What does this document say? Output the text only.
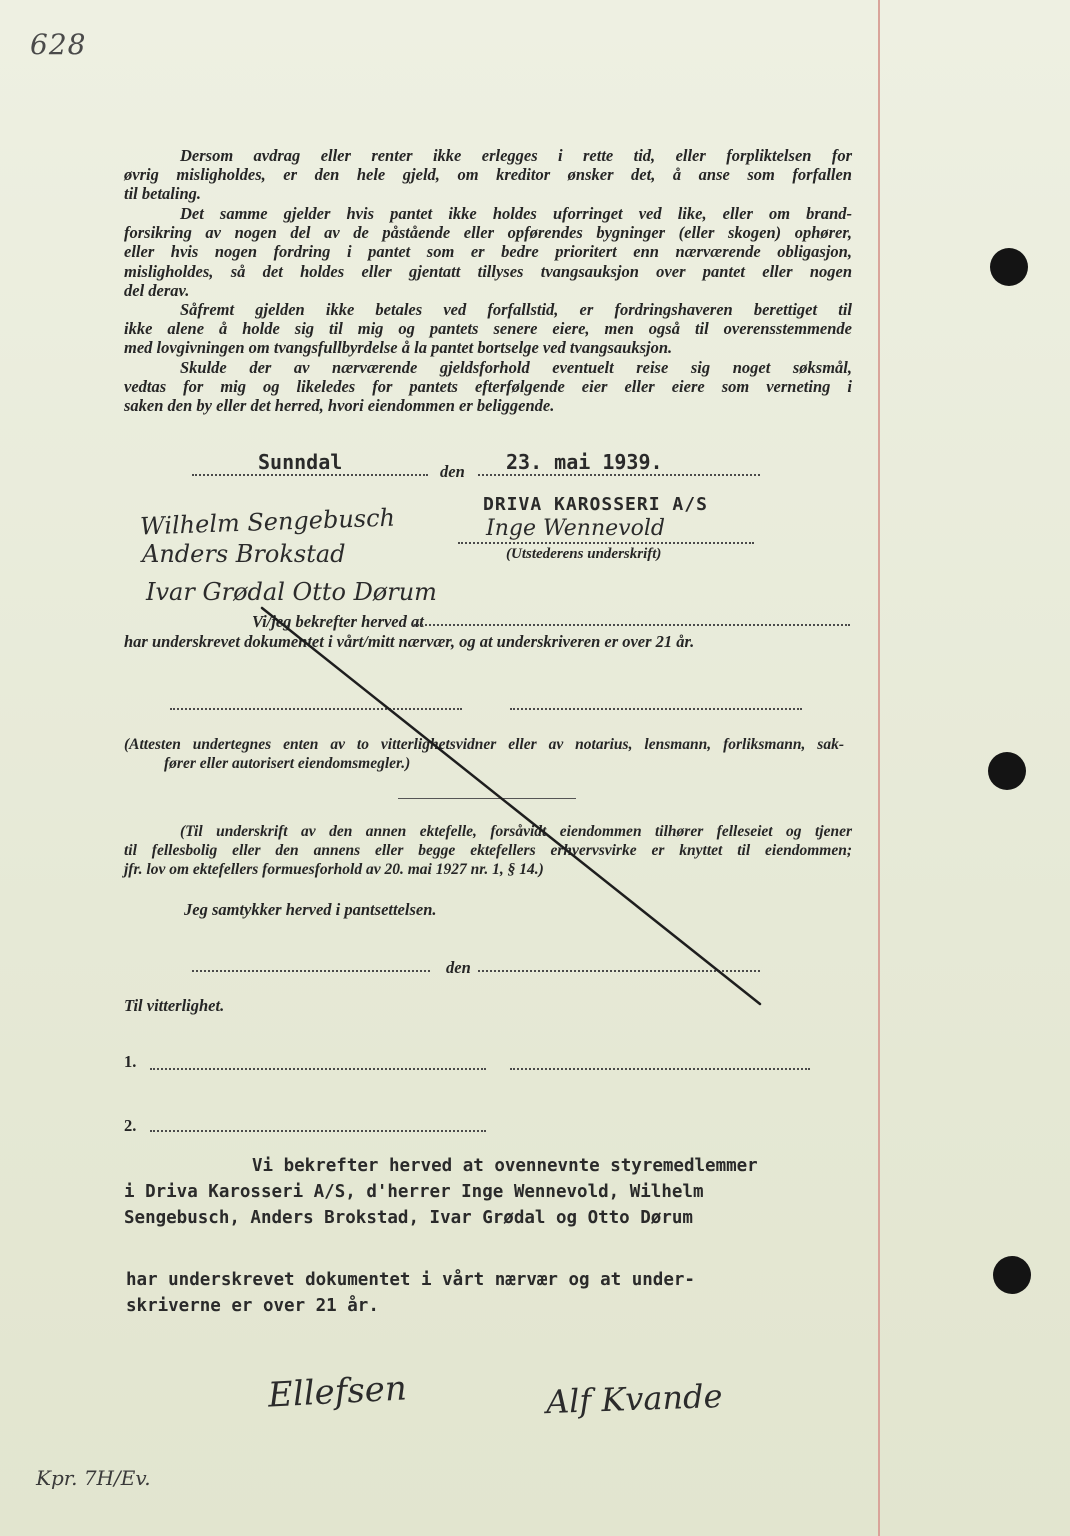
628
Dersom avdrag eller renter ikke erlegges i rette tid, eller forpliktelsen for
øvrig misligholdes, er den hele gjeld, om kreditor ønsker det, å anse som forfallen
til betaling.
Det samme gjelder hvis pantet ikke holdes uforringet ved like, eller om brand-
forsikring av nogen del av de påstående eller opførendes bygninger (eller skogen) ophører,
eller hvis nogen fordring i pantet som er bedre prioritert enn nærværende obligasjon,
misligholdes, så det holdes eller gjentatt tillyses tvangsauksjon over pantet eller nogen
del derav.
Såfremt gjelden ikke betales ved forfallstid, er fordringshaveren berettiget til
ikke alene å holde sig til mig og pantets senere eiere, men også til overensstemmende
med lovgivningen om tvangsfullbyrdelse å la pantet bortselge ved tvangsauksjon.
Skulde der av nærværende gjeldsforhold eventuelt reise sig noget søksmål,
vedtas for mig og likeledes for pantets efterfølgende eier eller eiere som verneting i
saken den by eller det herred, hvori eiendommen er beliggende.
Sunndal	den 23. mai 1939.
DRIVA KAROSSERI A/S
Inge Wennevold
(Utstederens underskrift)
Wilhelm Sengebusch
Anders Brokstad
Ivar Grødal Otto Dørum
Vi/jeg bekrefter herved at
har underskrevet dokumentet i vårt/mitt nærvær, og at underskriveren er over 21 år.
(Attesten undertegnes enten av to vitterlighetsvidner eller av notarius, lensmann, forliksmann, sak-
fører eller autorisert eiendomsmegler.)
(Til underskrift av den annen ektefelle, forsåvidt eiendommen tilhører felleseiet og tjener
til fellesbolig eller den annens eller begge ektefellers erhvervsvirke er knyttet til eiendommen;
jfr. lov om ektefellers formuesforhold av 20. mai 1927 nr. 1, § 14.)
Jeg samtykker herved i pantsettelsen.
den
Til vitterlighet.
1.
2.
Vi bekrefter herved at ovennevnte styremedlemmer
i Driva Karosseri A/S, d'herrer Inge Wennevold, Wilhelm
Sengebusch, Anders Brokstad, Ivar Grødal og Otto Dørum
har underskrevet dokumentet i vårt nærvær og at under-
skriverne er over 21 år.
Ellefsen	Alf Kvande
Kpr. 7H/Ev.
